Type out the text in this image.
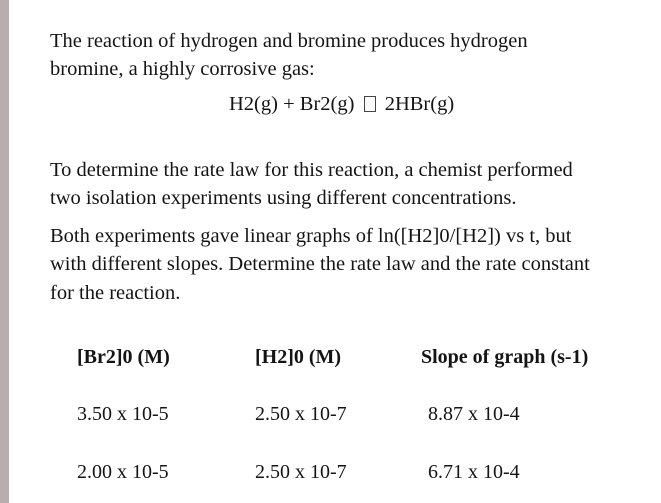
The reaction of hydrogen and bromine produces hydrogen
bromine, a highly corrosive gas:
H2(g) + Br2(g) 2HBr(g)
To determine the rate law for this reaction, a chemist performed
two isolation experiments using different concentrations.
Both experiments gave linear graphs of ln([H2]0/[H2]) vs t, but
with different slopes. Determine the rate law and the rate constant
for the reaction.
[Br2]0 (M)	[H2]0 (M)	Slope of graph (s-1)
3.50 x 10-5	2.50 x 10-7	8.87 x 10-4
2.00 x 10-5	2.50 x 10-7	6.71 x 10-4
